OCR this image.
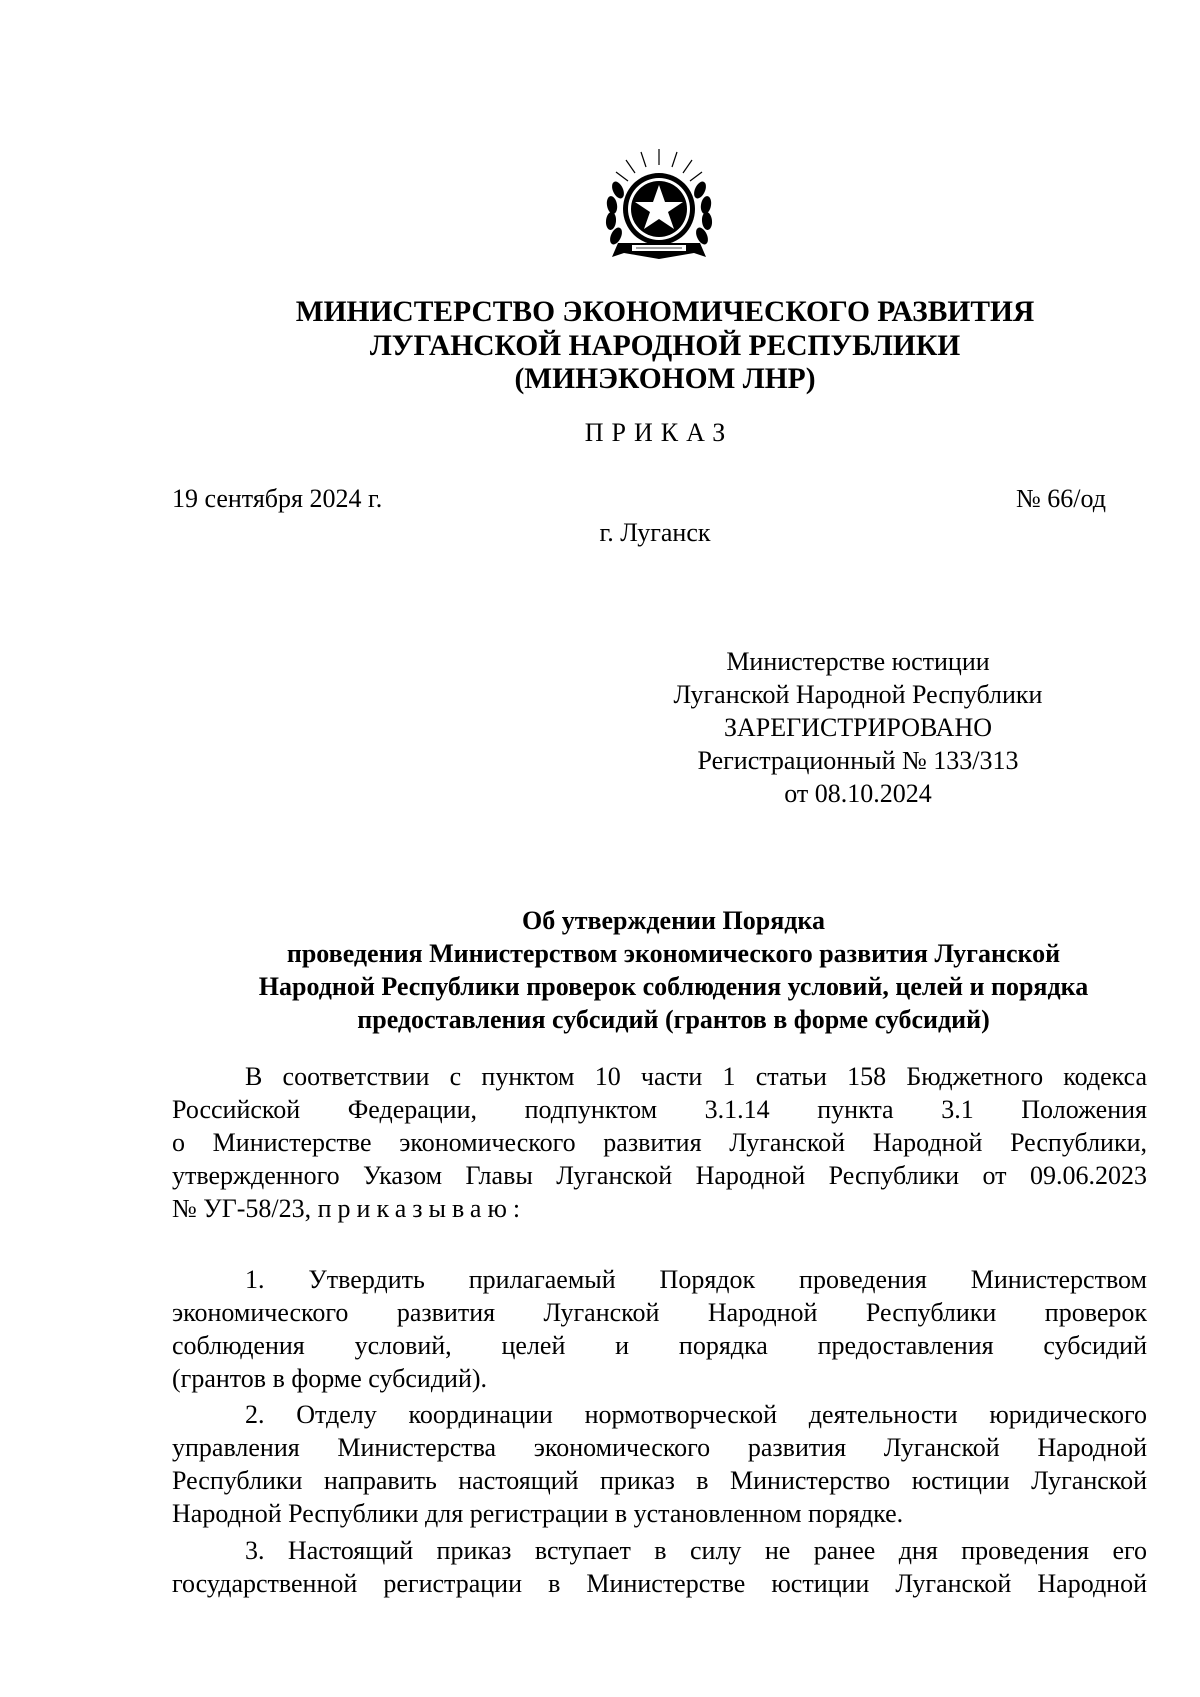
МИНИСТЕРСТВО ЭКОНОМИЧЕСКОГО РАЗВИТИЯ
ЛУГАНСКОЙ НАРОДНОЙ РЕСПУБЛИКИ
(МИНЭКОНОМ ЛНР)
ПРИКАЗ
19 сентября 2024 г.	№ 66/од
г. Луганск
Министерстве юстиции
Луганской Народной Республики
ЗАРЕГИСТРИРОВАНО
Регистрационный № 133/313
от 08.10.2024
Об утверждении Порядка
проведения Министерством экономического развития Луганской
Народной Республики проверок соблюдения условий, целей и порядка
предоставления субсидий (грантов в форме субсидий)
В соответствии с пунктом 10 части 1 статьи 158 Бюджетного кодекса
Российской Федерации, подпунктом 3.1.14 пункта 3.1 Положения
о Министерстве экономического развития Луганской Народной Республики,
утвержденного Указом Главы Луганской Народной Республики от 09.06.2023
№ УГ-58/23, приказываю:
1. Утвердить прилагаемый Порядок проведения Министерством
экономического развития Луганской Народной Республики проверок
соблюдения условий, целей и порядка предоставления субсидий
(грантов в форме субсидий).
2. Отделу координации нормотворческой деятельности юридического
управления Министерства экономического развития Луганской Народной
Республики направить настоящий приказ в Министерство юстиции Луганской
Народной Республики для регистрации в установленном порядке.
3. Настоящий приказ вступает в силу не ранее дня проведения его
государственной регистрации в Министерстве юстиции Луганской Народной
